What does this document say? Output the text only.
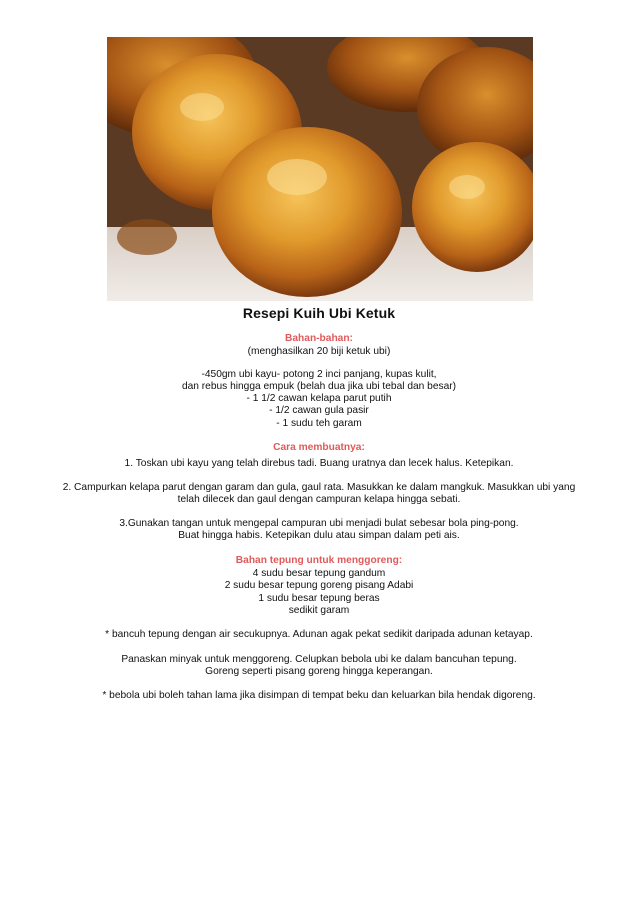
Resepi Kuih Ubi Ketuk
Bahan-bahan:
(menghasilkan 20 biji ketuk ubi)
-450gm ubi kayu- potong 2 inci panjang, kupas kulit,
dan rebus hingga empuk (belah dua jika ubi tebal dan besar)
- 1 1/2 cawan kelapa parut putih
- 1/2 cawan gula pasir
- 1 sudu teh garam
Cara membuatnya:
1. Toskan ubi kayu yang telah direbus tadi. Buang uratnya dan lecek halus. Ketepikan.
2. Campurkan kelapa parut dengan garam dan gula, gaul rata. Masukkan ke dalam mangkuk. Masukkan ubi yang
telah dilecek dan gaul dengan campuran kelapa hingga sebati.
3.Gunakan tangan untuk mengepal campuran ubi menjadi bulat sebesar bola ping-pong.
Buat hingga habis. Ketepikan dulu atau simpan dalam peti ais.
Bahan tepung untuk menggoreng:
4 sudu besar tepung gandum
2 sudu besar tepung goreng pisang Adabi
1 sudu besar tepung beras
sedikit garam
* bancuh tepung dengan air secukupnya. Adunan agak pekat sedikit daripada adunan ketayap.
Panaskan minyak untuk menggoreng. Celupkan bebola ubi ke dalam bancuhan tepung.
Goreng seperti pisang goreng hingga keperangan.
* bebola ubi boleh tahan lama jika disimpan di tempat beku dan keluarkan bila hendak digoreng.
